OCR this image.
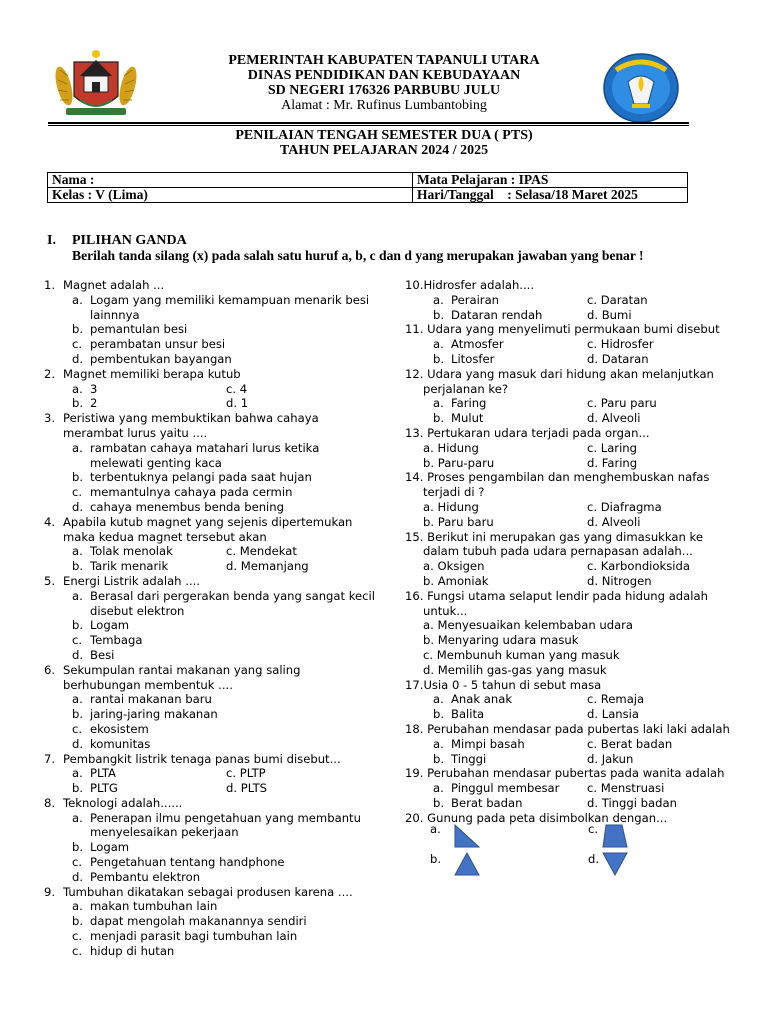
PEMERINTAH KABUPATEN TAPANULI UTARA
DINAS PENDIDIKAN DAN KEBUDAYAAN
SD NEGERI 176326 PARBUBU JULU
Alamat : Mr. Rufinus Lumbantobing
PENILAIAN TENGAH SEMESTER DUA ( PTS)
TAHUN PELAJARAN 2024 / 2025
Nama :	Mata Pelajaran : IPAS
Kelas : V (Lima)	Hari/Tanggal    : Selasa/18 Maret 2025
I. PILIHAN GANDA
Berilah tanda silang (x) pada salah satu huruf a, b, c dan d yang merupakan jawaban yang benar !
1. Magnet adalah ...
a. Logam yang memiliki kemampuan menarik besi
lainnnya
b. pemantulan besi
c. perambatan unsur besi
d. pembentukan bayangan
2. Magnet memiliki berapa kutub
a. 3	c. 4
b. 2	d. 1
3. Peristiwa yang membuktikan bahwa cahaya
merambat lurus yaitu ....
a. rambatan cahaya matahari lurus ketika
melewati genting kaca
b. terbentuknya pelangi pada saat hujan
c. memantulnya cahaya pada cermin
d. cahaya menembus benda bening
4. Apabila kutub magnet yang sejenis dipertemukan
maka kedua magnet tersebut akan
a. Tolak menolak	c. Mendekat
b. Tarik menarik	d. Memanjang
5. Energi Listrik adalah ....
a. Berasal dari pergerakan benda yang sangat kecil
disebut elektron
b. Logam
c. Tembaga
d. Besi
6. Sekumpulan rantai makanan yang saling
berhubungan membentuk ....
a. rantai makanan baru
b. jaring-jaring makanan
c. ekosistem
d. komunitas
7. Pembangkit listrik tenaga panas bumi disebut...
a. PLTA	c. PLTP
b. PLTG	d. PLTS
8. Teknologi adalah......
a. Penerapan ilmu pengetahuan yang membantu
menyelesaikan pekerjaan
b. Logam
c. Pengetahuan tentang handphone
d. Pembantu elektron
9. Tumbuhan dikatakan sebagai produsen karena ....
a. makan tumbuhan lain
b. dapat mengolah makanannya sendiri
c. menjadi parasit bagi tumbuhan lain
c. hidup di hutan
10.Hidrosfer adalah....
a. Perairan	c. Daratan
b. Dataran rendah	d. Bumi
11. Udara yang menyelimuti permukaan bumi disebut
a. Atmosfer	c. Hidrosfer
b. Litosfer	d. Dataran
12. Udara yang masuk dari hidung akan melanjutkan
perjalanan ke?
a. Faring	c. Paru paru
b. Mulut	d. Alveoli
13. Pertukaran udara terjadi pada organ...
a. Hidung	c. Laring
b. Paru-paru	d. Faring
14. Proses pengambilan dan menghembuskan nafas
terjadi di ?
a. Hidung	c. Diafragma
b. Paru baru	d. Alveoli
15. Berikut ini merupakan gas yang dimasukkan ke
dalam tubuh pada udara pernapasan adalah...
a. Oksigen	c. Karbondioksida
b. Amoniak	d. Nitrogen
16. Fungsi utama selaput lendir pada hidung adalah
untuk...
a. Menyesuaikan kelembaban udara
b. Menyaring udara masuk
c. Membunuh kuman yang masuk
d. Memilih gas-gas yang masuk
17.Usia 0 - 5 tahun di sebut masa
a. Anak anak	c. Remaja
b. Balita	d. Lansia
18. Perubahan mendasar pada pubertas laki laki adalah
a. Mimpi basah	c. Berat badan
b. Tinggi	d. Jakun
19. Perubahan mendasar pubertas pada wanita adalah
a. Pinggul membesar c. Menstruasi
b. Berat badan	d. Tinggi badan
20. Gunung pada peta disimbolkan dengan...
a.
b.
c.
d.
